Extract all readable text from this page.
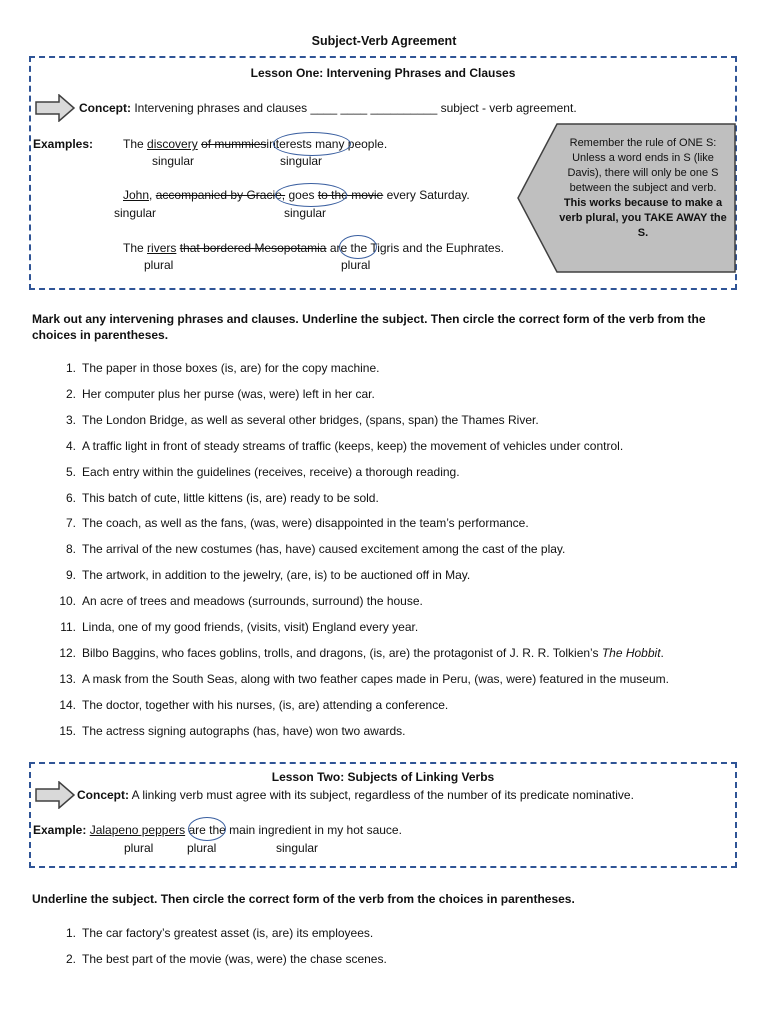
Subject-Verb Agreement
Lesson One: Intervening Phrases and Clauses
Concept: Intervening phrases and clauses ____ ____ __________ subject - verb agreement.
Examples: The discovery of mummiesinterests many people.
singular	singular
John, accompanied by Gracie, goes to the movie every Saturday.
singular	singular
The rivers that bordered Mesopotamia are the Tigris and the Euphrates.
plural	plural
Remember the rule of ONE S: Unless a word ends in S (like Davis), there will only be one S between the subject and verb. This works because to make a verb plural, you TAKE AWAY the S.
Mark out any intervening phrases and clauses. Underline the subject. Then circle the correct form of the verb from the choices in parentheses.
1. The paper in those boxes (is, are) for the copy machine.
2. Her computer plus her purse (was, were) left in her car.
3. The London Bridge, as well as several other bridges, (spans, span) the Thames River.
4. A traffic light in front of steady streams of traffic (keeps, keep) the movement of vehicles under control.
5. Each entry within the guidelines (receives, receive) a thorough reading.
6. This batch of cute, little kittens (is, are) ready to be sold.
7. The coach, as well as the fans, (was, were) disappointed in the team’s performance.
8. The arrival of the new costumes (has, have) caused excitement among the cast of the play.
9. The artwork, in addition to the jewelry, (are, is) to be auctioned off in May.
10. An acre of trees and meadows (surrounds, surround) the house.
11. Linda, one of my good friends, (visits, visit) England every year.
12. Bilbo Baggins, who faces goblins, trolls, and dragons, (is, are) the protagonist of J. R. R. Tolkien’s The Hobbit.
13. A mask from the South Seas, along with two feather capes made in Peru, (was, were) featured in the museum.
14. The doctor, together with his nurses, (is, are) attending a conference.
15. The actress signing autographs (has, have) won two awards.
Lesson Two: Subjects of Linking Verbs
Concept: A linking verb must agree with its subject, regardless of the number of its predicate nominative.
Example: Jalapeno peppers are the main ingredient in my hot sauce.
plural	plural	singular
Underline the subject. Then circle the correct form of the verb from the choices in parentheses.
1. The car factory’s greatest asset (is, are) its employees.
2. The best part of the movie (was, were) the chase scenes.
